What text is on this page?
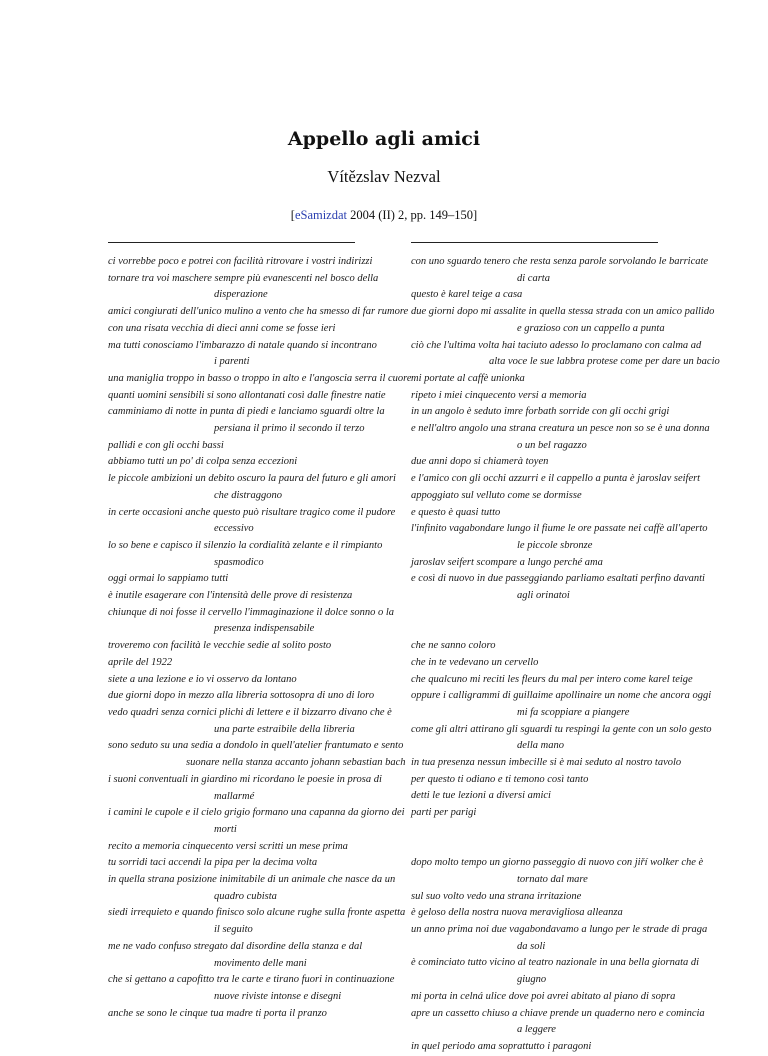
Appello agli amici
Vítězslav Nezval
[eSamizdat 2004 (II) 2, pp. 149–150]
ci vorrebbe poco e potrei con facilità ritrovare i vostri indirizzi
tornare tra voi maschere sempre più evanescenti nel bosco della
disperazione
amici congiurati dell'unico mulino a vento che ha smesso di far rumore
con una risata vecchia di dieci anni come se fosse ieri
ma tutti conosciamo l'imbarazzo di natale quando si incontrano
i parenti
una maniglia troppo in basso o troppo in alto e l'angoscia serra il cuore
quanti uomini sensibili si sono allontanati così dalle finestre natie
camminiamo di notte in punta di piedi e lanciamo sguardi oltre la
persiana il primo il secondo il terzo
pallidi e con gli occhi bassi
abbiamo tutti un po' di colpa senza eccezioni
le piccole ambizioni un debito oscuro la paura del futuro e gli amori
che distraggono
in certe occasioni anche questo può risultare tragico come il pudore
eccessivo
lo so bene e capisco il silenzio la cordialità zelante e il rimpianto
spasmodico
oggi ormai lo sappiamo tutti
è inutile esagerare con l'intensità delle prove di resistenza
chiunque di noi fosse il cervello l'immaginazione il dolce sonno o la
presenza indispensabile
troveremo con facilità le vecchie sedie al solito posto
aprile del 1922
siete a una lezione e io vi osservo da lontano
due giorni dopo in mezzo alla libreria sottosopra di uno di loro
vedo quadri senza cornici plichi di lettere e il bizzarro divano che è
una parte estraibile della libreria
sono seduto su una sedia a dondolo in quell'atelier frantumato e sento
suonare nella stanza accanto johann sebastian bach
i suoni conventuali in giardino mi ricordano le poesie in prosa di
mallarmé
i camini le cupole e il cielo grigio formano una capanna da giorno dei
morti
recito a memoria cinquecento versi scritti un mese prima
tu sorridi taci accendi la pipa per la decima volta
in quella strana posizione inimitabile di un animale che nasce da un
quadro cubista
siedi irrequieto e quando finisco solo alcune rughe sulla fronte aspetta
il seguito
me ne vado confuso stregato dal disordine della stanza e dal
movimento delle mani
che si gettano a capofitto tra le carte e tirano fuori in continuazione
nuove riviste intonse e disegni
anche se sono le cinque tua madre ti porta il pranzo
con uno sguardo tenero che resta senza parole sorvolando le barricate
di carta
questo è karel teige a casa
due giorni dopo mi assalite in quella stessa strada con un amico pallido
e grazioso con un cappello a punta
ciò che l'ultima volta hai taciuto adesso lo proclamano con calma ad
alta voce le sue labbra protese come per dare un bacio
mi portate al caffè unionka
ripeto i miei cinquecento versi a memoria
in un angolo è seduto imre forbath sorride con gli occhi grigi
e nell'altro angolo una strana creatura un pesce non so se è una donna
o un bel ragazzo
due anni dopo si chiamerà toyen
e l'amico con gli occhi azzurri e il cappello a punta è jaroslav seifert
appoggiato sul velluto come se dormisse
e questo è quasi tutto
l'infinito vagabondare lungo il fiume le ore passate nei caffè all'aperto
le piccole sbronze
jaroslav seifert scompare a lungo perché ama
e così di nuovo in due passeggiando parliamo esaltati perfino davanti
agli orinatoi
che ne sanno coloro
che in te vedevano un cervello
che qualcuno mi reciti les fleurs du mal per intero come karel teige
oppure i calligrammi di guillaime apollinaire un nome che ancora oggi
mi fa scoppiare a piangere
come gli altri attirano gli sguardi tu respingi la gente con un solo gesto
della mano
in tua presenza nessun imbecille si è mai seduto al nostro tavolo
per questo ti odiano e ti temono così tanto
detti le tue lezioni a diversi amici
parti per parigi
dopo molto tempo un giorno passeggio di nuovo con jiří wolker che è
tornato dal mare
sul suo volto vedo una strana irritazione
è geloso della nostra nuova meravigliosa alleanza
un anno prima noi due vagabondavamo a lungo per le strade di praga
da soli
è cominciato tutto vicino al teatro nazionale in una bella giornata di
giugno
mi porta in celná ulice dove poi avrei abitato al piano di sopra
apre un cassetto chiuso a chiave prende un quaderno nero e comincia
a leggere
in quel periodo ama soprattutto i paragoni
